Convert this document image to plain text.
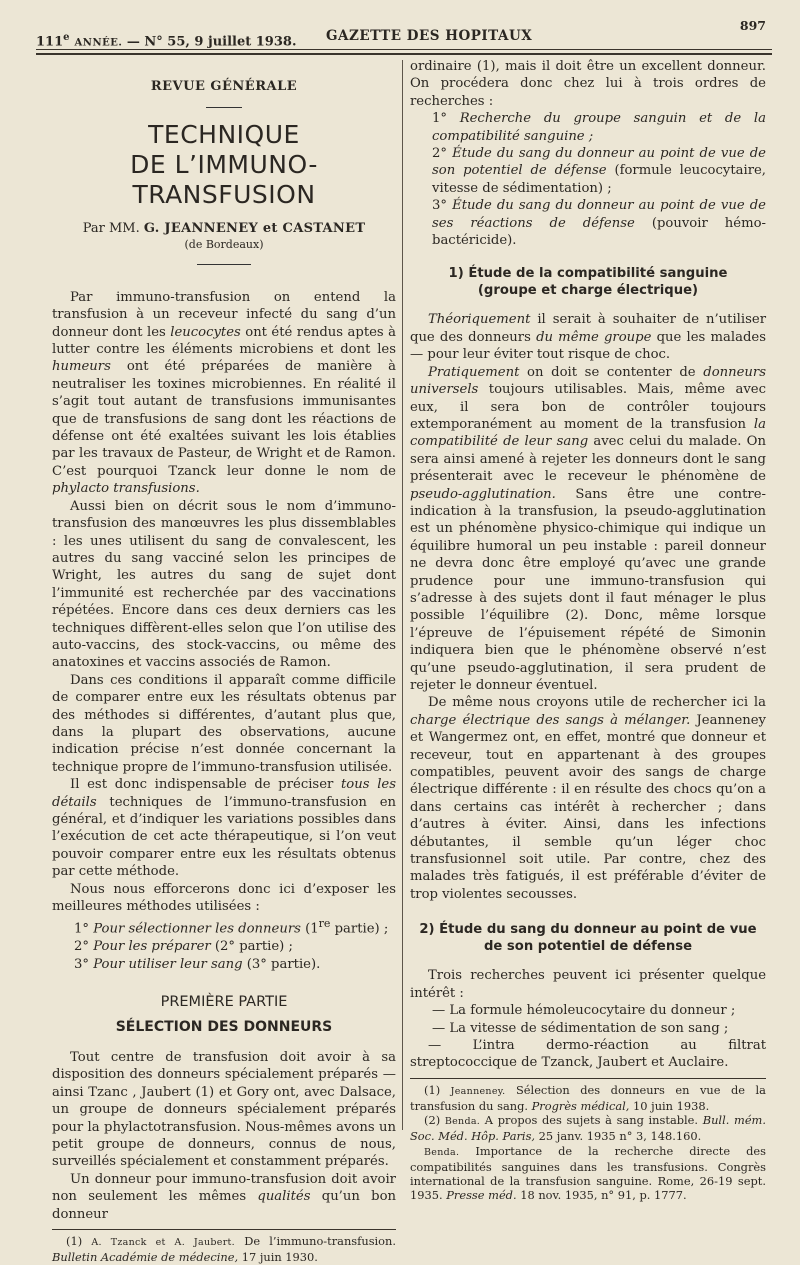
111e ANNÉE. — N° 55, 9 juillet 1938. GAZETTE DES HOPITAUX
897
REVUE GÉNÉRALE
TECHNIQUE
DE L’IMMUNO-TRANSFUSION
Par MM. G. JEANNENEY et CASTANET
(de Bordeaux)

Par immuno-transfusion on entend la transfusion à un receveur infecté du sang d’un donneur dont les leucocytes ont été rendus aptes à lutter contre les éléments microbiens et dont les humeurs ont été préparées de manière à neutraliser les toxines microbiennes. En réalité il s’agit tout autant de transfusions immunisantes que de transfusions de sang dont les réactions de défense ont été exaltées suivant les lois établies par les travaux de Pasteur, de Wright et de Ramon. C’est pourquoi Tzanck leur donne le nom de phylacto transfusions.

Aussi bien on décrit sous le nom d’immuno-transfusion des manœuvres les plus dissemblables : les unes utilisent du sang de convalescent, les autres du sang vacciné selon les principes de Wright, les autres du sang de sujet dont l’immunité est recherchée par des vaccinations répétées. Encore dans ces deux derniers cas les techniques diffèrent-elles selon que l’on utilise des auto-vaccins, des stock-vaccins, ou même des anatoxines et vaccins associés de Ramon.

Dans ces conditions il apparaît comme difficile de comparer entre eux les résultats obtenus par des méthodes si différentes, d’autant plus que, dans la plupart des observations, aucune indication précise n’est donnée concernant la technique propre de l’immuno-transfusion utilisée.

Il est donc indispensable de préciser tous les détails techniques de l’immuno-transfusion en général, et d’indiquer les variations possibles dans l’exécution de cet acte thérapeutique, si l’on veut pouvoir comparer entre eux les résultats obtenus par cette méthode.

Nous nous efforcerons donc ici d’exposer les meilleures méthodes utilisées :

1° Pour sélectionner les donneurs (1re partie) ;

2° Pour les préparer (2° partie) ;

3° Pour utiliser leur sang (3° partie).

PREMIÈRE PARTIE
SÉLECTION DES DONNEURS

Tout centre de transfusion doit avoir à sa disposition des donneurs spécialement préparés — ainsi Tzanc , Jaubert (1) et Gory ont, avec Dalsace, un groupe de donneurs spécialement préparés pour la phylactotransfusion. Nous-mêmes avons un petit groupe de donneurs, connus de nous, surveillés spécialement et constamment préparés.

Un donneur pour immuno-transfusion doit avoir non seulement les mêmes qualités qu’un bon donneur

(1) A. Tzanck et A. Jaubert. De l’immuno-transfusion. Bulletin Académie de médecine, 17 juin 1930.

ordinaire (1), mais il doit être un excellent donneur. On procédera donc chez lui à trois ordres de recherches :

1° Recherche du groupe sanguin et de la compatibilité sanguine ;

2° Étude du sang du donneur au point de vue de son potentiel de défense (formule leucocytaire, vitesse de sédimentation) ;

3° Étude du sang du donneur au point de vue de ses réactions de défense (pouvoir hémo-bactéricide).

1) Étude de la compatibilité sanguine
(groupe et charge électrique)

Théoriquement il serait à souhaiter de n’utiliser que des donneurs du même groupe que les malades — pour leur éviter tout risque de choc.

Pratiquement on doit se contenter de donneurs universels toujours utilisables. Mais, même avec eux, il sera bon de contrôler toujours extemporanément au moment de la transfusion la compatibilité de leur sang avec celui du malade. On sera ainsi amené à rejeter les donneurs dont le sang présenterait avec le receveur le phénomène de pseudo-agglutination. Sans être une contre-indication à la transfusion, la pseudo-agglutination est un phénomène physico-chimique qui indique un équilibre humoral un peu instable : pareil donneur ne devra donc être employé qu’avec une grande prudence pour une immuno-transfusion qui s’adresse à des sujets dont il faut ménager le plus possible l’équilibre (2). Donc, même lorsque l’épreuve de l’épuisement répété de Simonin indiquera bien que le phénomène observé n’est qu’une pseudo-agglutination, il sera prudent de rejeter le donneur éventuel.

De même nous croyons utile de rechercher ici la charge électrique des sangs à mélanger. Jeanneney et Wangermez ont, en effet, montré que donneur et receveur, tout en appartenant à des groupes compatibles, peuvent avoir des sangs de charge électrique différente : il en résulte des chocs qu’on a dans certains cas intérêt à rechercher ; dans d’autres à éviter. Ainsi, dans les infections débutantes, il semble qu’un léger choc transfusionnel soit utile. Par contre, chez des malades très fatigués, il est préférable d’éviter de trop violentes secousses.

2) Étude du sang du donneur au point de vue
de son potentiel de défense

Trois recherches peuvent ici présenter quelque intérêt :

— La formule hémoleucocytaire du donneur ;

— La vitesse de sédimentation de son sang ;

— L’intra dermo-réaction au filtrat streptococcique de Tzanck, Jaubert et Auclaire.

(1) Jeanneney. Sélection des donneurs en vue de la transfusion du sang. Progrès médical, 10 juin 1938.

(2) Benda. A propos des sujets à sang instable. Bull. mém. Soc. Méd. Hôp. Paris, 25 janv. 1935 n° 3, 148.160.

Benda. Importance de la recherche directe des compatibilités sanguines dans les transfusions. Congrès international de la transfusion sanguine. Rome, 26-19 sept. 1935. Presse méd. 18 nov. 1935, n° 91, p. 1777.
